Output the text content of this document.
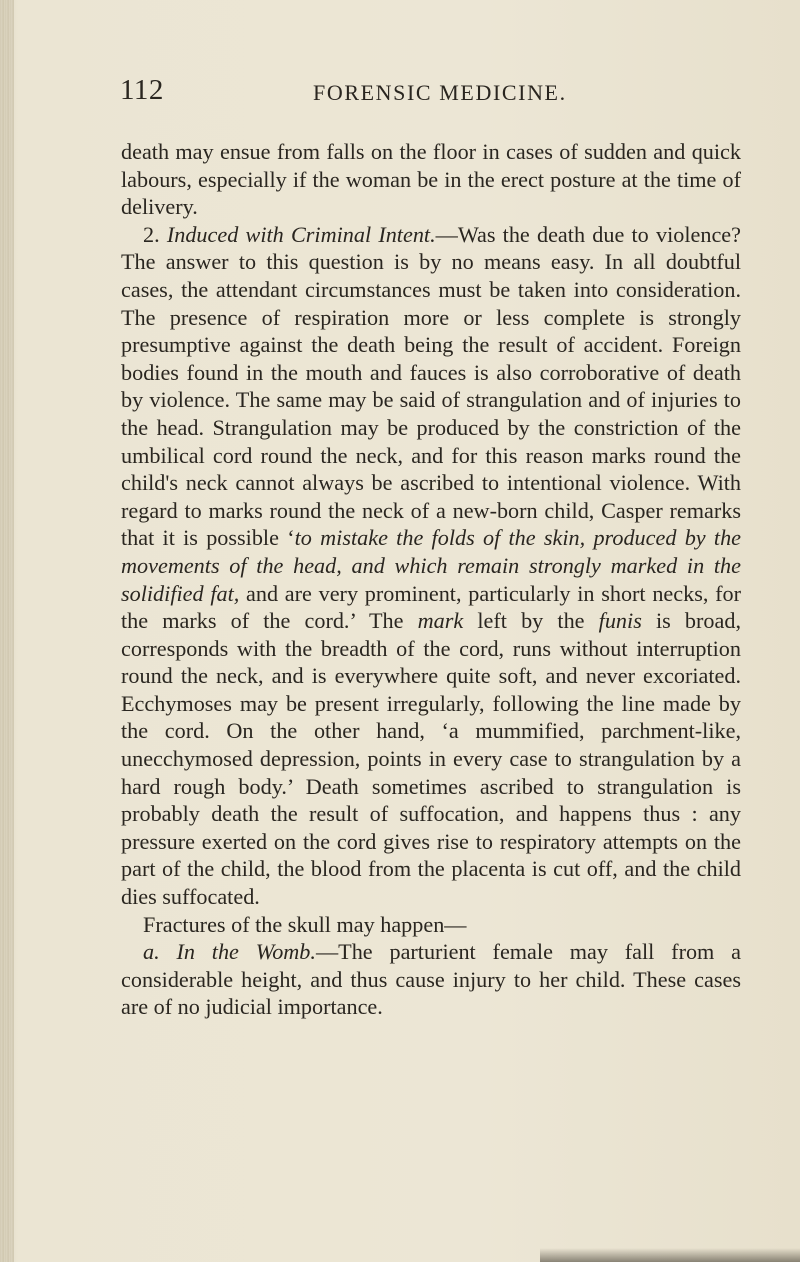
112	FORENSIC MEDICINE.

death may ensue from falls on the floor in cases of sudden and quick labours, especially if the woman be in the erect posture at the time of delivery.

2. Induced with Criminal Intent.—Was the death due to violence? The answer to this question is by no means easy. In all doubtful cases, the attendant circumstances must be taken into consideration. The presence of respiration more or less complete is strongly presumptive against the death being the result of accident. Foreign bodies found in the mouth and fauces is also corroborative of death by violence. The same may be said of strangulation and of injuries to the head. Strangulation may be produced by the constriction of the umbilical cord round the neck, and for this reason marks round the child's neck cannot always be ascribed to intentional violence. With regard to marks round the neck of a new-born child, Casper remarks that it is possible ‘to mistake the folds of the skin, produced by the movements of the head, and which remain strongly marked in the solidified fat, and are very prominent, particularly in short necks, for the marks of the cord.’ The mark left by the funis is broad, corresponds with the breadth of the cord, runs without interruption round the neck, and is everywhere quite soft, and never excoriated. Ecchymoses may be present irregularly, following the line made by the cord. On the other hand, ‘a mummified, parchment-like, unecchymosed depression, points in every case to strangulation by a hard rough body.’ Death sometimes ascribed to strangulation is probably death the result of suffocation, and happens thus : any pressure exerted on the cord gives rise to respiratory attempts on the part of the child, the blood from the placenta is cut off, and the child dies suffocated.

Fractures of the skull may happen—

a. In the Womb.—The parturient female may fall from a considerable height, and thus cause injury to her child. These cases are of no judicial importance.
